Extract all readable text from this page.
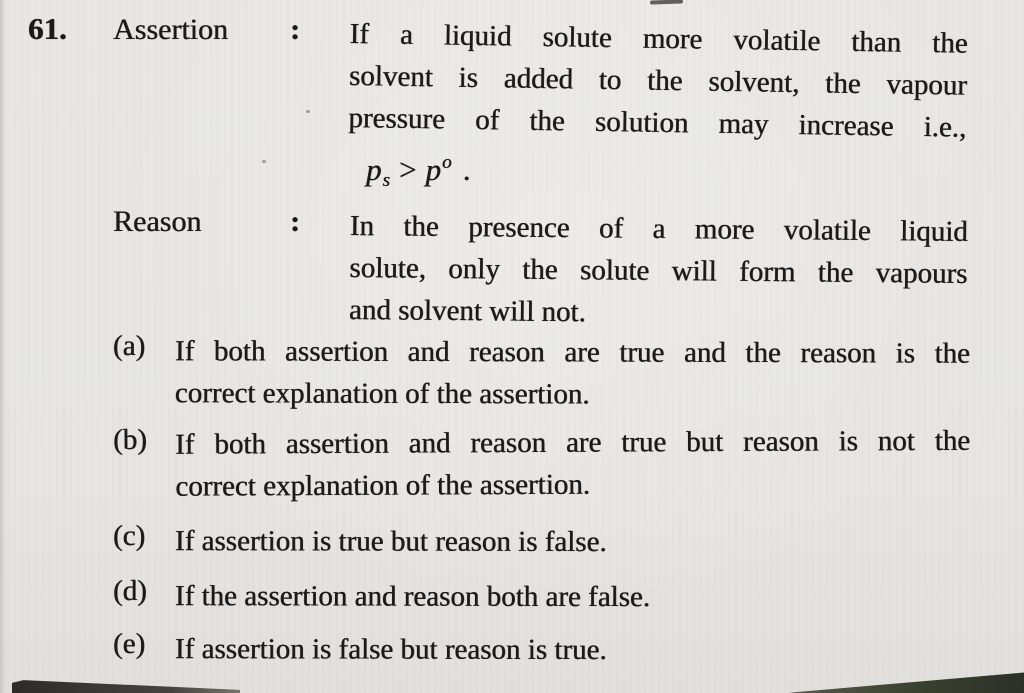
61. Assertion : If a liquid solute more volatile than the
solvent is added to the solvent, the vapour
pressure of the solution may increase i.e.,
$p_s > p^o$ .
Reason	: In the presence of a more volatile liquid
solute, only the solute will form the vapours
and solvent will not.
(a) If both assertion and reason are true and the reason is the
correct explanation of the assertion.
(b) If both assertion and reason are true but reason is not the
correct explanation of the assertion.
(c) If assertion is true but reason is false.
(d) If the assertion and reason both are false.
(e) If assertion is false but reason is true.
